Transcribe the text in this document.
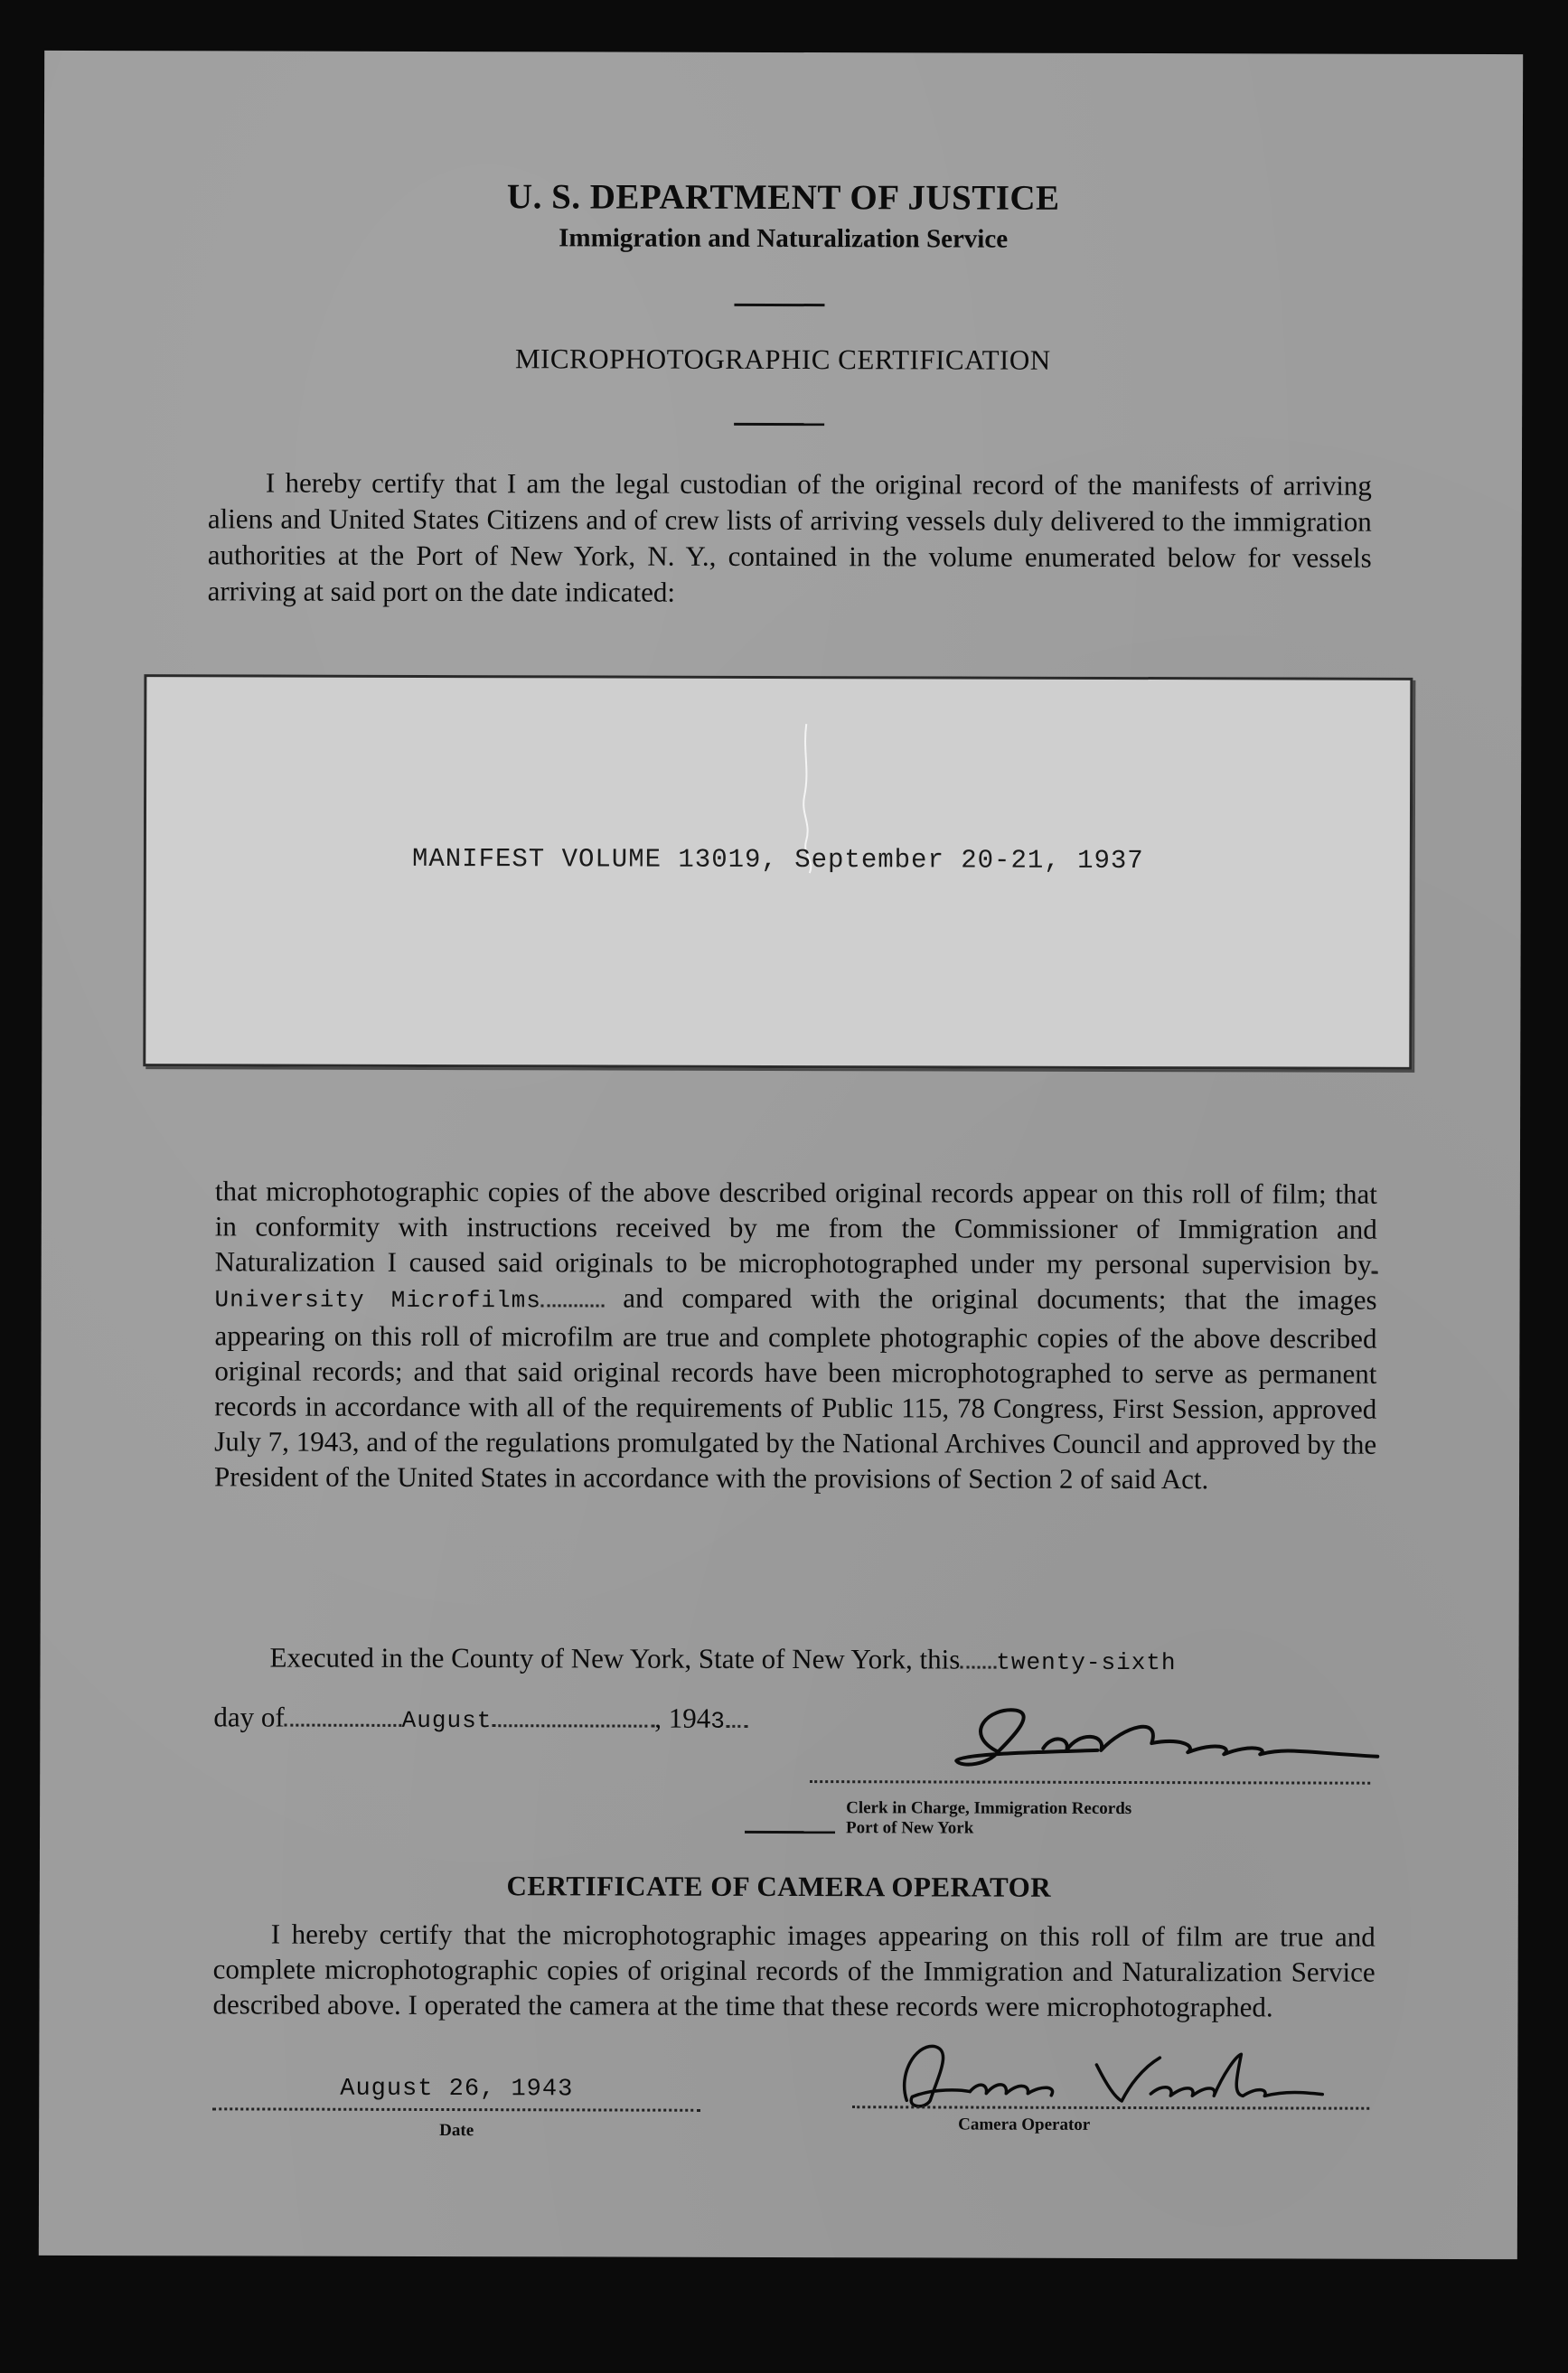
U. S. DEPARTMENT OF JUSTICE
Immigration and Naturalization Service
MICROPHOTOGRAPHIC CERTIFICATION
I hereby certify that I am the legal custodian of the original record of the manifests of arriving aliens and United States Citizens and of crew lists of arriving vessels duly delivered to the immigration authorities at the Port of New York, N. Y., contained in the volume enumerated below for vessels arriving at said port on the date indicated:
MANIFEST VOLUME 13019, September 20-21, 1937
that microphotographic copies of the above described original records appear on this roll of film; that in conformity with instructions received by me from the Commissioner of Immigration and Naturalization I caused said originals to be microphotographed under my personal supervision byUniversity Microfilms	and compared with the original documents; that the images appearing on this roll of microfilm are true and complete photographic copies of the above described original records; and that said original records have been microphotographed to serve as permanent records in accordance with all of the requirements of Public 115, 78 Congress, First Session, approved July 7, 1943, and of the regulations promulgated by the National Archives Council and approved by the President of the United States in accordance with the provisions of Section 2 of said Act.
Executed in the County of New York, State of New York, this twenty-sixth
day of	August	, 1943
Clerk in Charge, Immigration Records
Port of New York
CERTIFICATE OF CAMERA OPERATOR
I hereby certify that the microphotographic images appearing on this roll of film are true and complete microphotographic copies of original records of the Immigration and Naturalization Service described above. I operated the camera at the time that these records were microphotographed.
August 26, 1943
Date	Camera Operator
